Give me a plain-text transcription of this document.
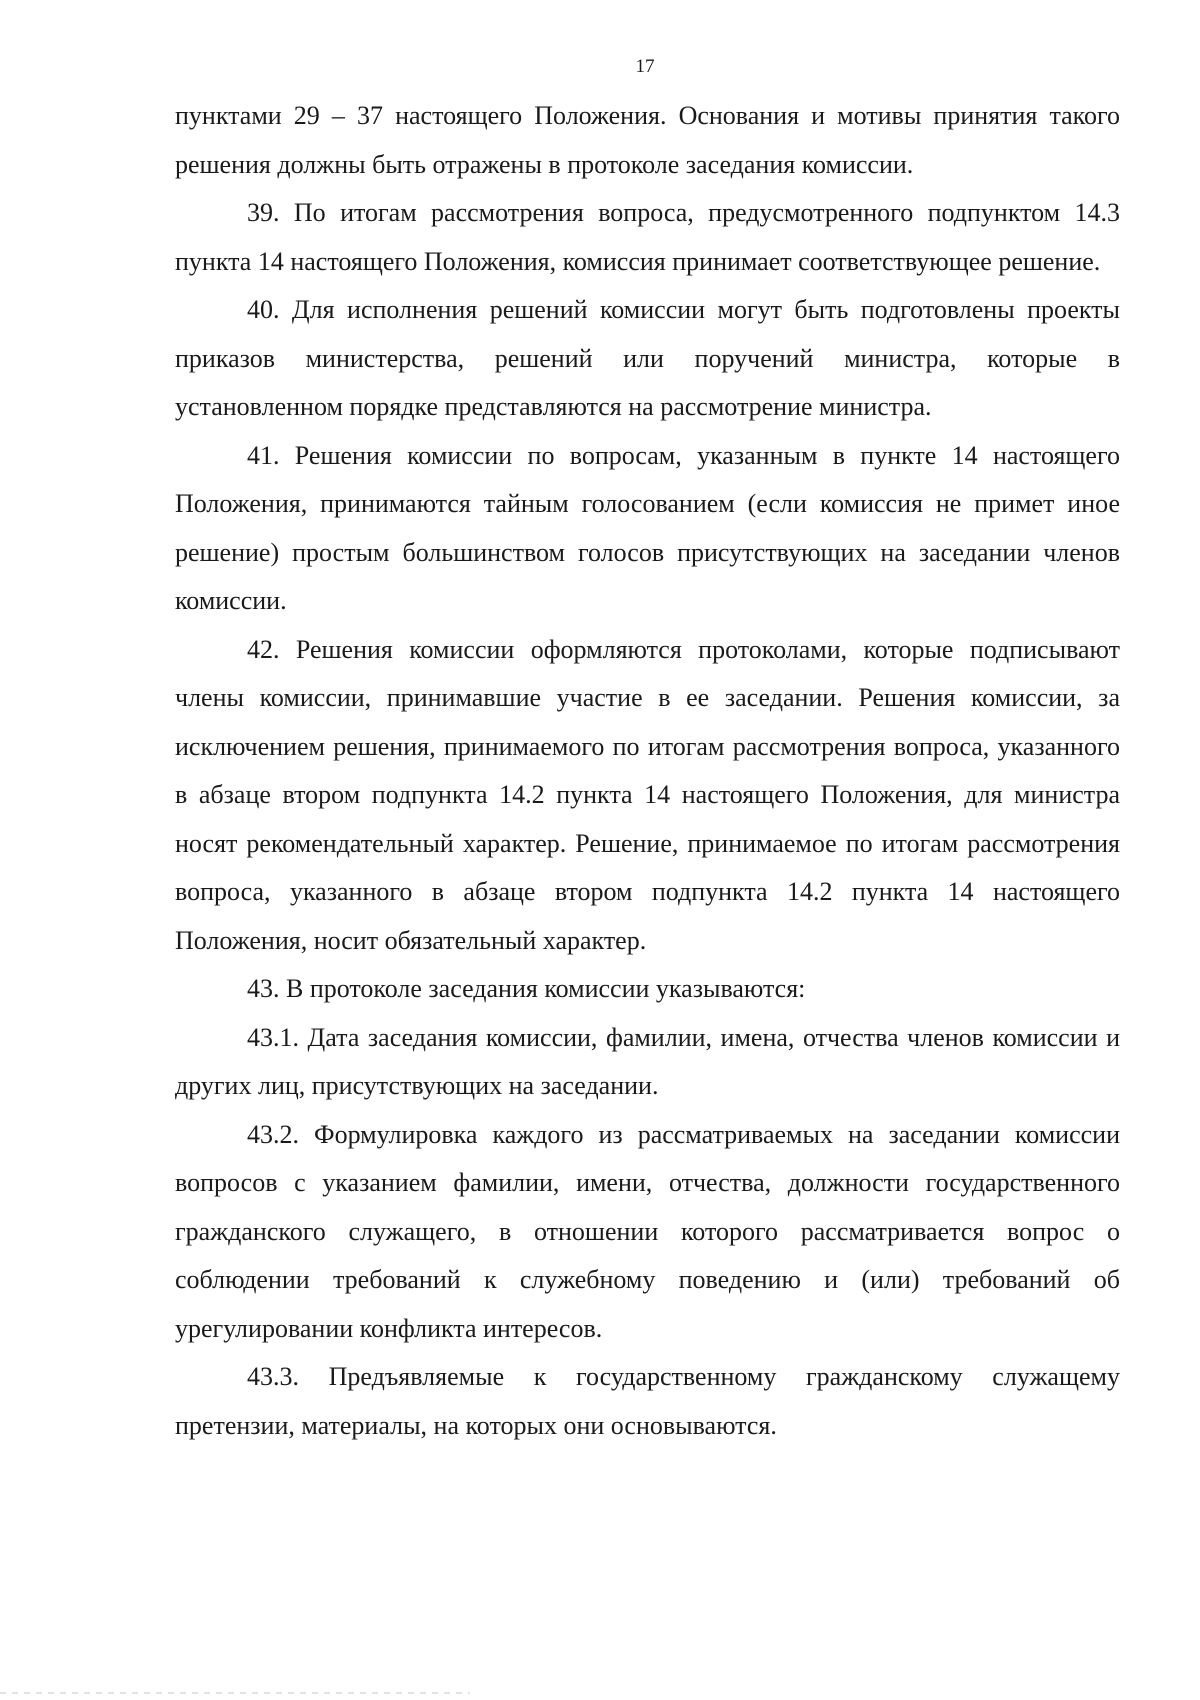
17

пунктами 29 – 37 настоящего Положения. Основания и мотивы принятия такого решения должны быть отражены в протоколе заседания комиссии.

39. По итогам рассмотрения вопроса, предусмотренного подпунктом 14.3 пункта 14 настоящего Положения, комиссия принимает соответствующее решение.

40. Для исполнения решений комиссии могут быть подготовлены проекты приказов министерства, решений или поручений министра, которые в установленном порядке представляются на рассмотрение министра.

41. Решения комиссии по вопросам, указанным в пункте 14 настоящего Положения, принимаются тайным голосованием (если комиссия не примет иное решение) простым большинством голосов присутствующих на заседании членов комиссии.

42. Решения комиссии оформляются протоколами, которые подписывают члены комиссии, принимавшие участие в ее заседании. Решения комиссии, за исключением решения, принимаемого по итогам рассмотрения вопроса, указанного в абзаце втором подпункта 14.2 пункта 14 настоящего Положения, для министра носят рекомендательный характер. Решение, принимаемое по итогам рассмотрения вопроса, указанного в абзаце втором подпункта 14.2 пункта 14 настоящего Положения, носит обязательный характер.

43. В протоколе заседания комиссии указываются:

43.1. Дата заседания комиссии, фамилии, имена, отчества членов комиссии и других лиц, присутствующих на заседании.

43.2. Формулировка каждого из рассматриваемых на заседании комиссии вопросов с указанием фамилии, имени, отчества, должности государственного гражданского служащего, в отношении которого рассматривается вопрос о соблюдении требований к служебному поведению и (или) требований об урегулировании конфликта интересов.

43.3. Предъявляемые к государственному гражданскому служащему претензии, материалы, на которых они основываются.
